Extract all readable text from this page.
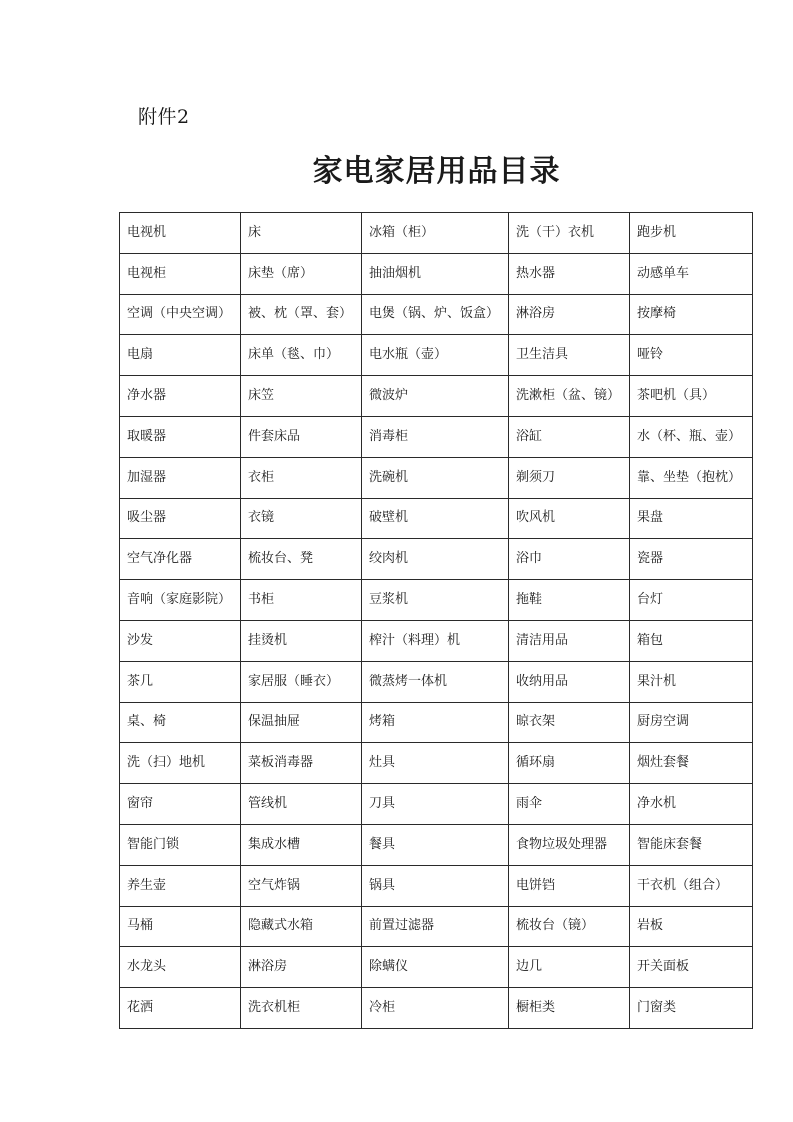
附件2
家电家居用品目录
电视机	床	冰箱（柜）	洗（干）衣机	跑步机
电视柜	床垫（席）	抽油烟机	热水器	动感单车
空调（中央空调）	被、枕（罩、套）	电煲（锅、炉、饭盒）	淋浴房	按摩椅
电扇	床单（毯、巾）	电水瓶（壶）	卫生洁具	哑铃
净水器	床笠	微波炉	洗漱柜（盆、镜）	茶吧机（具）
取暖器	件套床品	消毒柜	浴缸	水（杯、瓶、壶）
加湿器	衣柜	洗碗机	剃须刀	靠、坐垫（抱枕）
吸尘器	衣镜	破壁机	吹风机	果盘
空气净化器	梳妆台、凳	绞肉机	浴巾	瓷器
音响（家庭影院）	书柜	豆浆机	拖鞋	台灯
沙发	挂烫机	榨汁（料理）机	清洁用品	箱包
茶几	家居服（睡衣）	微蒸烤一体机	收纳用品	果汁机
桌、椅	保温抽屉	烤箱	晾衣架	厨房空调
洗（扫）地机	菜板消毒器	灶具	循环扇	烟灶套餐
窗帘	管线机	刀具	雨伞	净水机
智能门锁	集成水槽	餐具	食物垃圾处理器	智能床套餐
养生壶	空气炸锅	锅具	电饼铛	干衣机（组合）
马桶	隐藏式水箱	前置过滤器	梳妆台（镜）	岩板
水龙头	淋浴房	除螨仪	边几	开关面板
花洒	洗衣机柜	冷柜	橱柜类	门窗类
